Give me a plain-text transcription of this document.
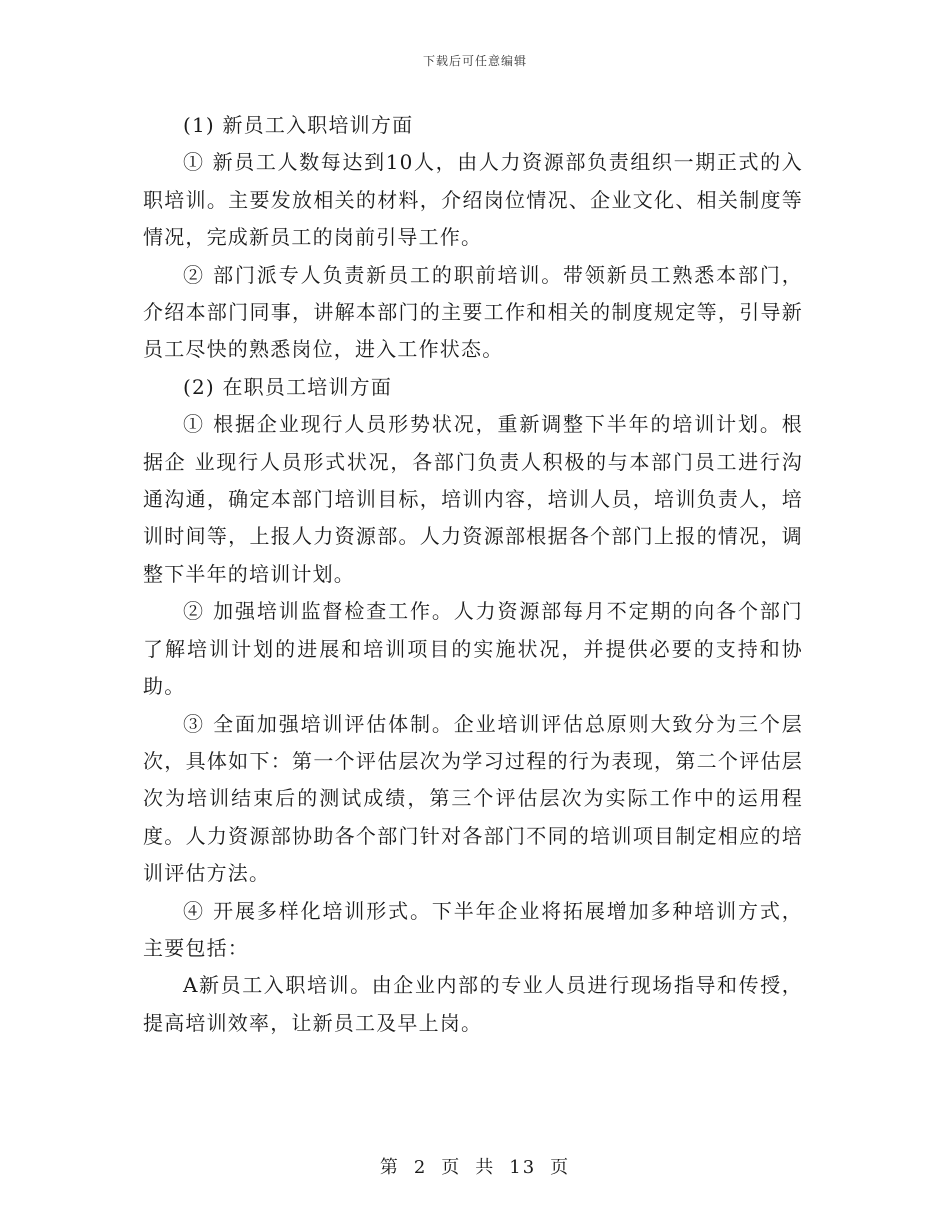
下载后可任意编辑

(1) 新员工入职培训方面

① 新员工人数每达到10人，由人力资源部负责组织一期正式的入职培训。主要发放相关的材料，介绍岗位情况、企业文化、相关制度等情况，完成新员工的岗前引导工作。

② 部门派专人负责新员工的职前培训。带领新员工熟悉本部门，介绍本部门同事，讲解本部门的主要工作和相关的制度规定等，引导新员工尽快的熟悉岗位，进入工作状态。

(2) 在职员工培训方面

① 根据企业现行人员形势状况，重新调整下半年的培训计划。根据企 业现行人员形式状况，各部门负责人积极的与本部门员工进行沟通沟通，确定本部门培训目标，培训内容，培训人员，培训负责人，培训时间等，上报人力资源部。人力资源部根据各个部门上报的情况，调整下半年的培训计划。

② 加强培训监督检查工作。人力资源部每月不定期的向各个部门了解培训计划的进展和培训项目的实施状况，并提供必要的支持和协助。

③ 全面加强培训评估体制。企业培训评估总原则大致分为三个层次，具体如下：第一个评估层次为学习过程的行为表现，第二个评估层次为培训结束后的测试成绩，第三个评估层次为实际工作中的运用程度。人力资源部协助各个部门针对各部门不同的培训项目制定相应的培训评估方法。

④ 开展多样化培训形式。下半年企业将拓展增加多种培训方式，主要包括：

A新员工入职培训。由企业内部的专业人员进行现场指导和传授，提高培训效率，让新员工及早上岗。

第 2 页 共 13 页
